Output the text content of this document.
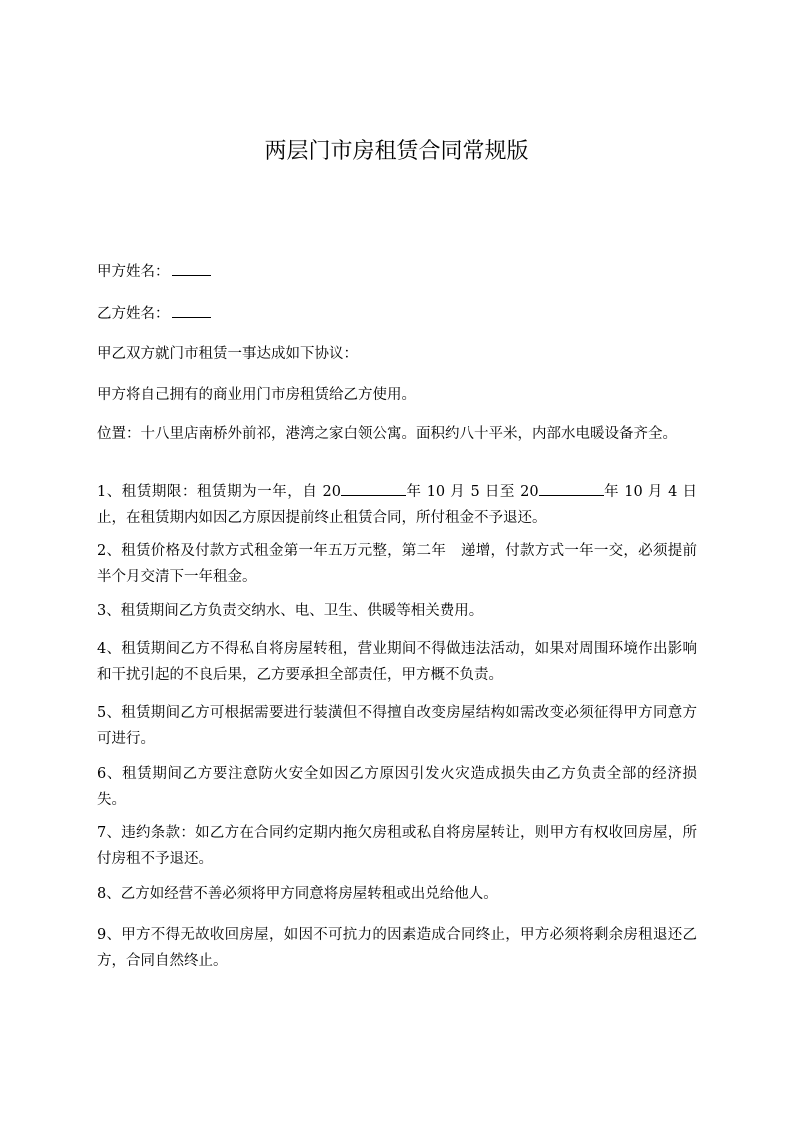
两层门市房租赁合同常规版
甲方姓名：
乙方姓名：
甲乙双方就门市租赁一事达成如下协议：
甲方将自己拥有的商业用门市房租赁给乙方使用。
位置：十八里店南桥外前祁，港湾之家白领公寓。面积约八十平米，内部水电暖设备齐全。
1、租赁期限：租赁期为一年，自 20	年 10 月 5 日至 20	年 10 月 4 日止，在租赁期内如因乙方原因提前终止租赁合同，所付租金不予退还。
2、租赁价格及付款方式租金第一年五万元整，第二年　递增，付款方式一年一交，必须提前半个月交清下一年租金。
3、租赁期间乙方负责交纳水、电、卫生、供暖等相关费用。
4、租赁期间乙方不得私自将房屋转租，营业期间不得做违法活动，如果对周围环境作出影响和干扰引起的不良后果，乙方要承担全部责任，甲方概不负责。
5、租赁期间乙方可根据需要进行装潢但不得擅自改变房屋结构如需改变必须征得甲方同意方可进行。
6、租赁期间乙方要注意防火安全如因乙方原因引发火灾造成损失由乙方负责全部的经济损失。
7、违约条款：如乙方在合同约定期内拖欠房租或私自将房屋转让，则甲方有权收回房屋，所付房租不予退还。
8、乙方如经营不善必须将甲方同意将房屋转租或出兑给他人。
9、甲方不得无故收回房屋，如因不可抗力的因素造成合同终止，甲方必须将剩余房租退还乙方，合同自然终止。
